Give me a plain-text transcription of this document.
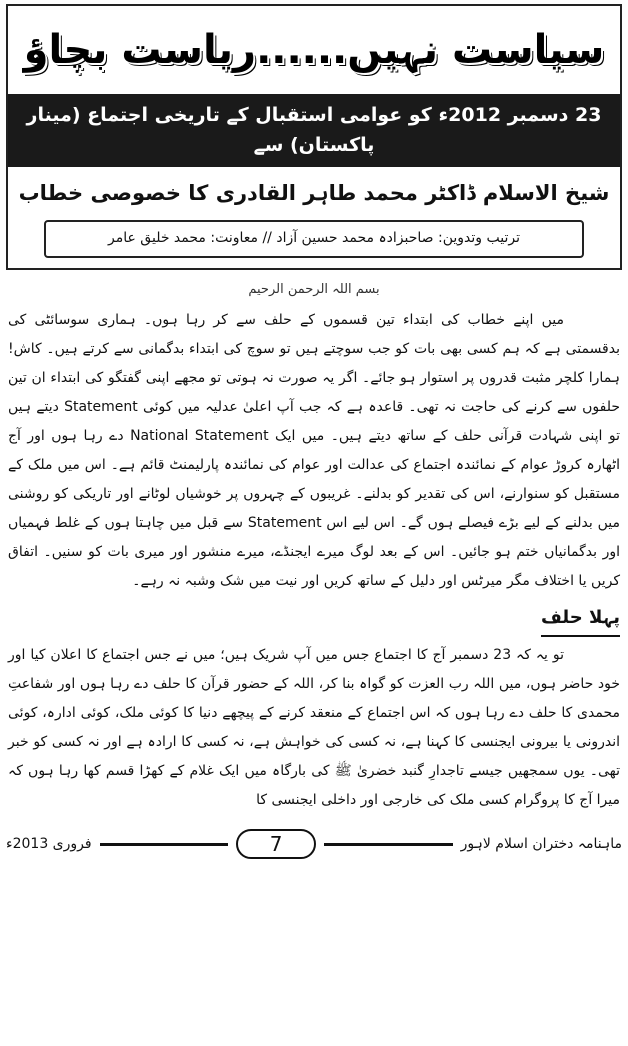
سیاست نہیں......ریاست بچاؤ
23 دسمبر 2012ء کو عوامی استقبال کے تاریخی اجتماع (مینار پاکستان) سے
شیخ الاسلام ڈاکٹر محمد طاہر القادری کا خصوصی خطاب
ترتیب وتدوین: صاحبزادہ محمد حسین آزاد // معاونت: محمد خلیق عامر
بسم اللہ الرحمن الرحیم

میں اپنے خطاب کی ابتداء تین قسموں کے حلف سے کر رہا ہوں۔ ہماری سوسائٹی کی بدقسمتی ہے کہ ہم کسی بھی بات کو جب سوچتے ہیں تو سوچ کی ابتداء بدگمانی سے کرتے ہیں۔ کاش! ہمارا کلچر مثبت قدروں پر استوار ہو جائے۔ اگر یہ صورت نہ ہوتی تو مجھے اپنی گفتگو کی ابتداء ان تین حلفوں سے کرنے کی حاجت نہ تھی۔ قاعدہ ہے کہ جب آپ اعلیٰ عدلیہ میں کوئی Statement دیتے ہیں تو اپنی شہادت قرآنی حلف کے ساتھ دیتے ہیں۔ میں ایک National Statement دے رہا ہوں اور آج اٹھارہ کروڑ عوام کے نمائندہ اجتماع کی عدالت اور عوام کی نمائندہ پارلیمنٹ قائم ہے۔ اس میں ملک کے مستقبل کو سنوارنے، اس کی تقدیر کو بدلنے۔ غریبوں کے چہروں پر خوشیاں لوٹانے اور تاریکی کو روشنی میں بدلنے کے لیے بڑے فیصلے ہوں گے۔ اس لیے اس Statement سے قبل میں چاہتا ہوں کے غلط فہمیاں اور بدگمانیاں ختم ہو جائیں۔ اس کے بعد لوگ میرے ایجنڈے، میرے منشور اور میری بات کو سنیں۔ اتفاق کریں یا اختلاف مگر میرٹس اور دلیل کے ساتھ کریں اور نیت میں شک وشبہ نہ رہے۔

پہلا حلف

تو یہ کہ 23 دسمبر آج کا اجتماع جس میں آپ شریک ہیں؛ میں نے جس اجتماع کا اعلان کیا اور خود حاضر ہوں، میں اللہ رب العزت کو گواہ بنا کر، اللہ کے حضور قرآن کا حلف دے رہا ہوں اور شفاعتِ محمدی کا حلف دے رہا ہوں کہ اس اجتماع کے منعقد کرنے کے پیچھے دنیا کا کوئی ملک، کوئی ادارہ، کوئی اندرونی یا بیرونی ایجنسی کا کہنا ہے، نہ کسی کی خواہش ہے، نہ کسی کا ارادہ ہے اور نہ کسی کو خبر تھی۔ یوں سمجھیں جیسے تاجدارِ گنبد خضریٰ ﷺ کی بارگاہ میں ایک غلام کے کھڑا قسم کھا رہا ہوں کہ میرا آج کا پروگرام کسی ملک کی خارجی اور داخلی ایجنسی کا

ماہنامہ دختران اسلام لاہور
7
فروری 2013ء
